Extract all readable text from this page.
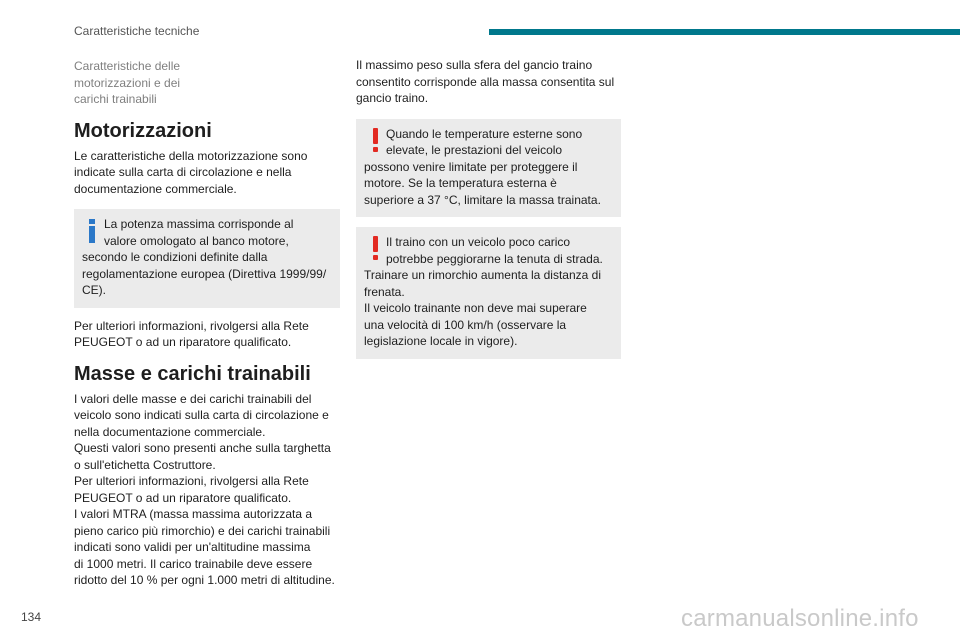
Caratteristiche tecniche
Caratteristiche delle
motorizzazioni e dei
carichi trainabili
Motorizzazioni

Le caratteristiche della motorizzazione sono
indicate sulla carta di circolazione e nella
documentazione commerciale.

La potenza massima corrisponde al
valore omologato al banco motore,
secondo le condizioni definite dalla
regolamentazione europea (Direttiva 1999/99/
CE).

Per ulteriori informazioni, rivolgersi alla Rete
PEUGEOT o ad un riparatore qualificato.

Masse e carichi trainabili

I valori delle masse e dei carichi trainabili del
veicolo sono indicati sulla carta di circolazione e
nella documentazione commerciale.
Questi valori sono presenti anche sulla targhetta
o sull'etichetta Costruttore.
Per ulteriori informazioni, rivolgersi alla Rete
PEUGEOT o ad un riparatore qualificato.
I valori MTRA (massa massima autorizzata a
pieno carico più rimorchio) e dei carichi trainabili
indicati sono validi per un'altitudine massima
di 1000 metri. Il carico trainabile deve essere
ridotto del 10 % per ogni 1.000 metri di altitudine.

Il massimo peso sulla sfera del gancio traino
consentito corrisponde alla massa consentita sul
gancio traino.

Quando le temperature esterne sono
elevate, le prestazioni del veicolo
possono venire limitate per proteggere il
motore. Se la temperatura esterna è
superiore a 37 °C, limitare la massa trainata.
Il traino con un veicolo poco carico
potrebbe peggiorarne la tenuta di strada.
Trainare un rimorchio aumenta la distanza di
frenata.
Il veicolo trainante non deve mai superare
una velocità di 100 km/h (osservare la
legislazione locale in vigore).
134	carmanualsonline.info
